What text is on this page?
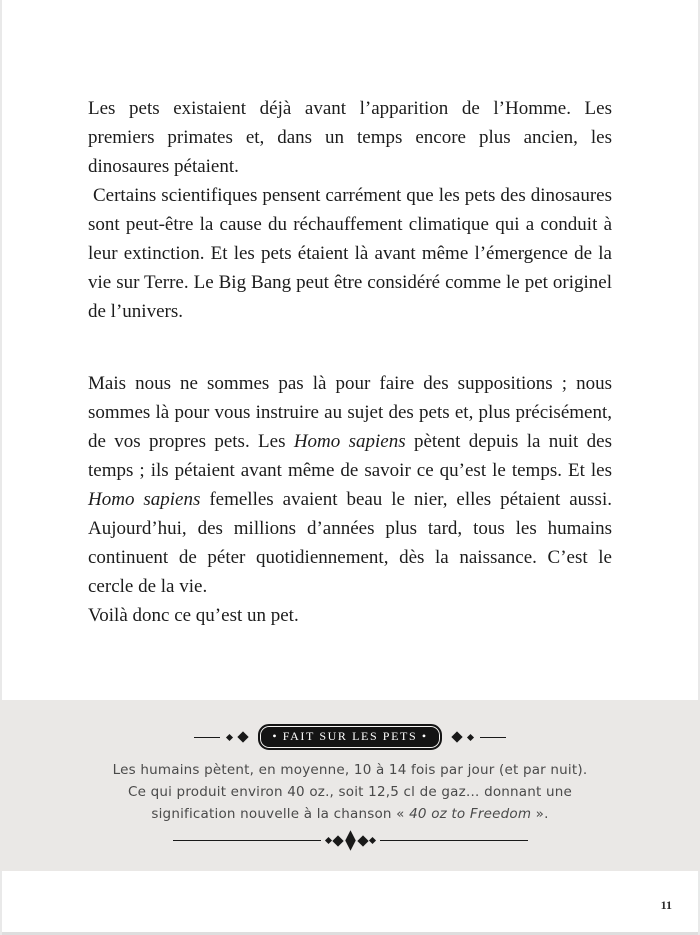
Les pets existaient déjà avant l’apparition de l’Homme. Les premiers primates et, dans un temps encore plus ancien, les dinosaures pétaient.

Certains scientifiques pensent carrément que les pets des dinosaures sont peut-être la cause du réchauffement climatique qui a conduit à leur extinction. Et les pets étaient là avant même l’émergence de la vie sur Terre. Le Big Bang peut être considéré comme le pet originel de l’univers.

Mais nous ne sommes pas là pour faire des suppositions ; nous sommes là pour vous instruire au sujet des pets et, plus précisément, de vos propres pets. Les Homo sapiens pètent depuis la nuit des temps ; ils pétaient avant même de savoir ce qu’est le temps. Et les Homo sapiens femelles avaient beau le nier, elles pétaient aussi. Aujourd’hui, des millions d’années plus tard, tous les humains continuent de péter quotidiennement, dès la naissance. C’est le cercle de la vie.

Voilà donc ce qu’est un pet.

• FAIT SUR LES PETS •
Les humains pètent, en moyenne, 10 à 14 fois par jour (et par nuit).
Ce qui produit environ 40 oz., soit 12,5 cl de gaz… donnant une
signification nouvelle à la chanson « 40 oz to Freedom ».
11
